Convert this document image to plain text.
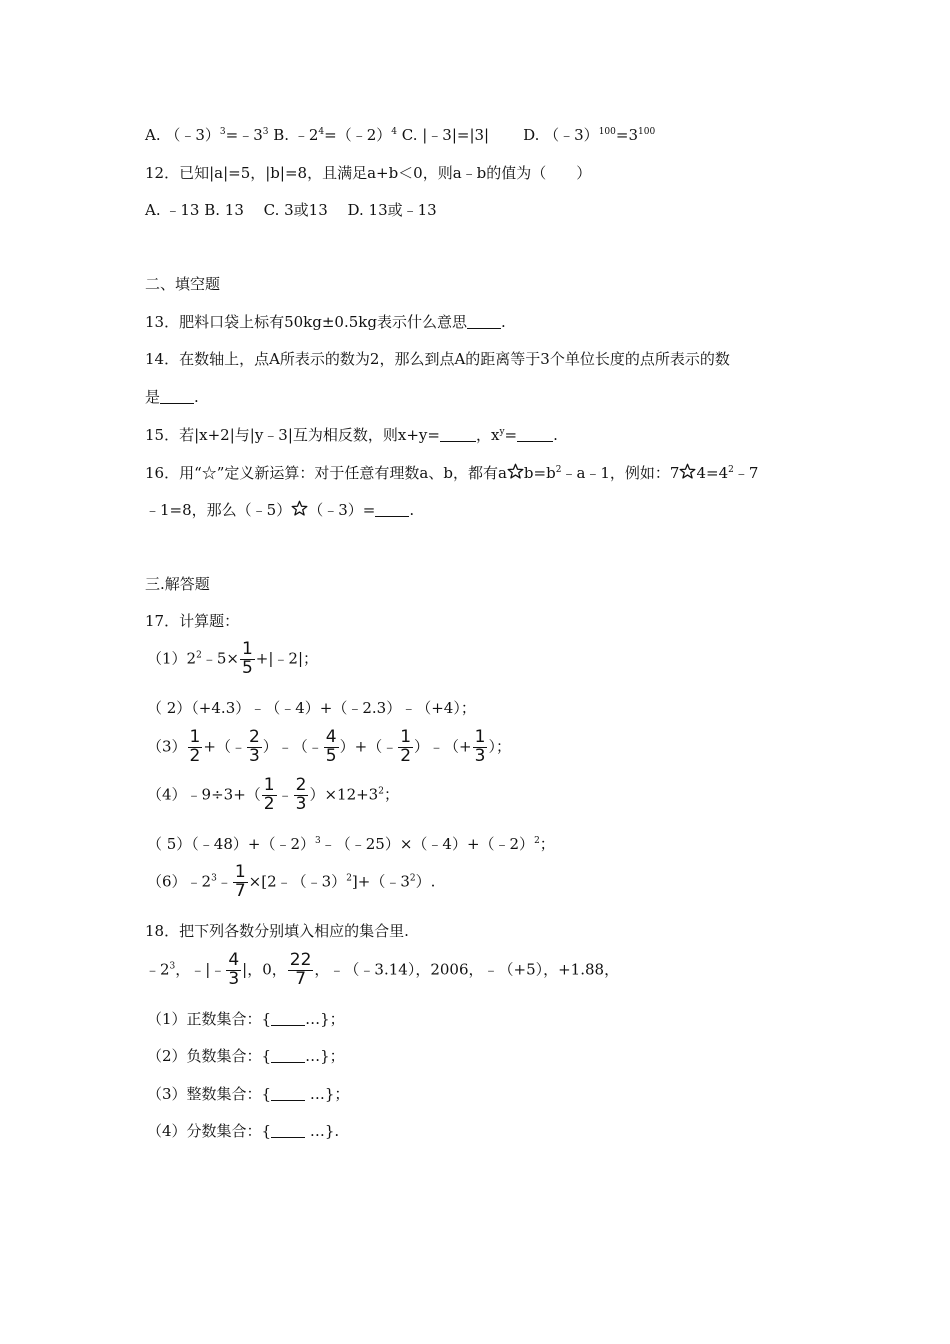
A. $(﹣3)^3=﹣3^3$ B. $﹣2^4=(﹣2)^4$ C. |﹣3|=|3| D. $(﹣3)^{100}=3^{100}$
12．已知|a|=5，|b|=8，且满足a+b＜0，则a﹣b的值为（　　）
A. ﹣13 B. 13　 C. 3或13　 D. 13或﹣13
二、填空题
13．肥料口袋上标有50kg±0.5kg表示什么意思 .
14．在数轴上，点A所表示的数为2，那么到点A的距离等于3个单位长度的点所表示的数
是 .
15．若|x+2|与|y﹣3|互为相反数，则x+y= ，$x^y=$ .
16．用“☆”定义新运算：对于任意有理数a、b，都有a $b=b^2﹣a﹣1$，例如：7 $4=4^2﹣7$
﹣1=8，那么（﹣5） （﹣3）= .
三.解答题
17．计算题：
$(1)2^2﹣5\times \frac{1}{5}$ +|﹣2|；
（ 2）（+4.3）﹣（﹣4）+（﹣2.3）﹣（+4）；
$(3) \frac{1}{2}$ +（﹣ $\frac{2}{3}$ ）﹣（﹣ $\frac{4}{5}$ ）+（﹣ $\frac{1}{2}$ ）﹣（+ $\frac{1}{3}$ ）；
（4）﹣9÷3+（ $\frac{1}{2}$ ﹣ $\frac{2}{3} )\times 12+3^2$；
（ 5）（﹣48）+（﹣2）$^3$﹣（﹣25）×（﹣4）+（﹣2）$^2$；
$(6)﹣2^3﹣ \frac{1}{7}$ $\times[2﹣(﹣3)^2]+(﹣3^2)$.
18．把下列各数分别填入相应的集合里.
$﹣2^3$，﹣|﹣ $\frac{4}{3}$ |，0， $\frac{22}{7}$ ，﹣（﹣3.14），2006，﹣（+5），+1.88，
（1）正数集合：{ …}；
（2）负数集合：{ …}；
（3）整数集合：{ …}；
（4）分数集合：{ …}.
